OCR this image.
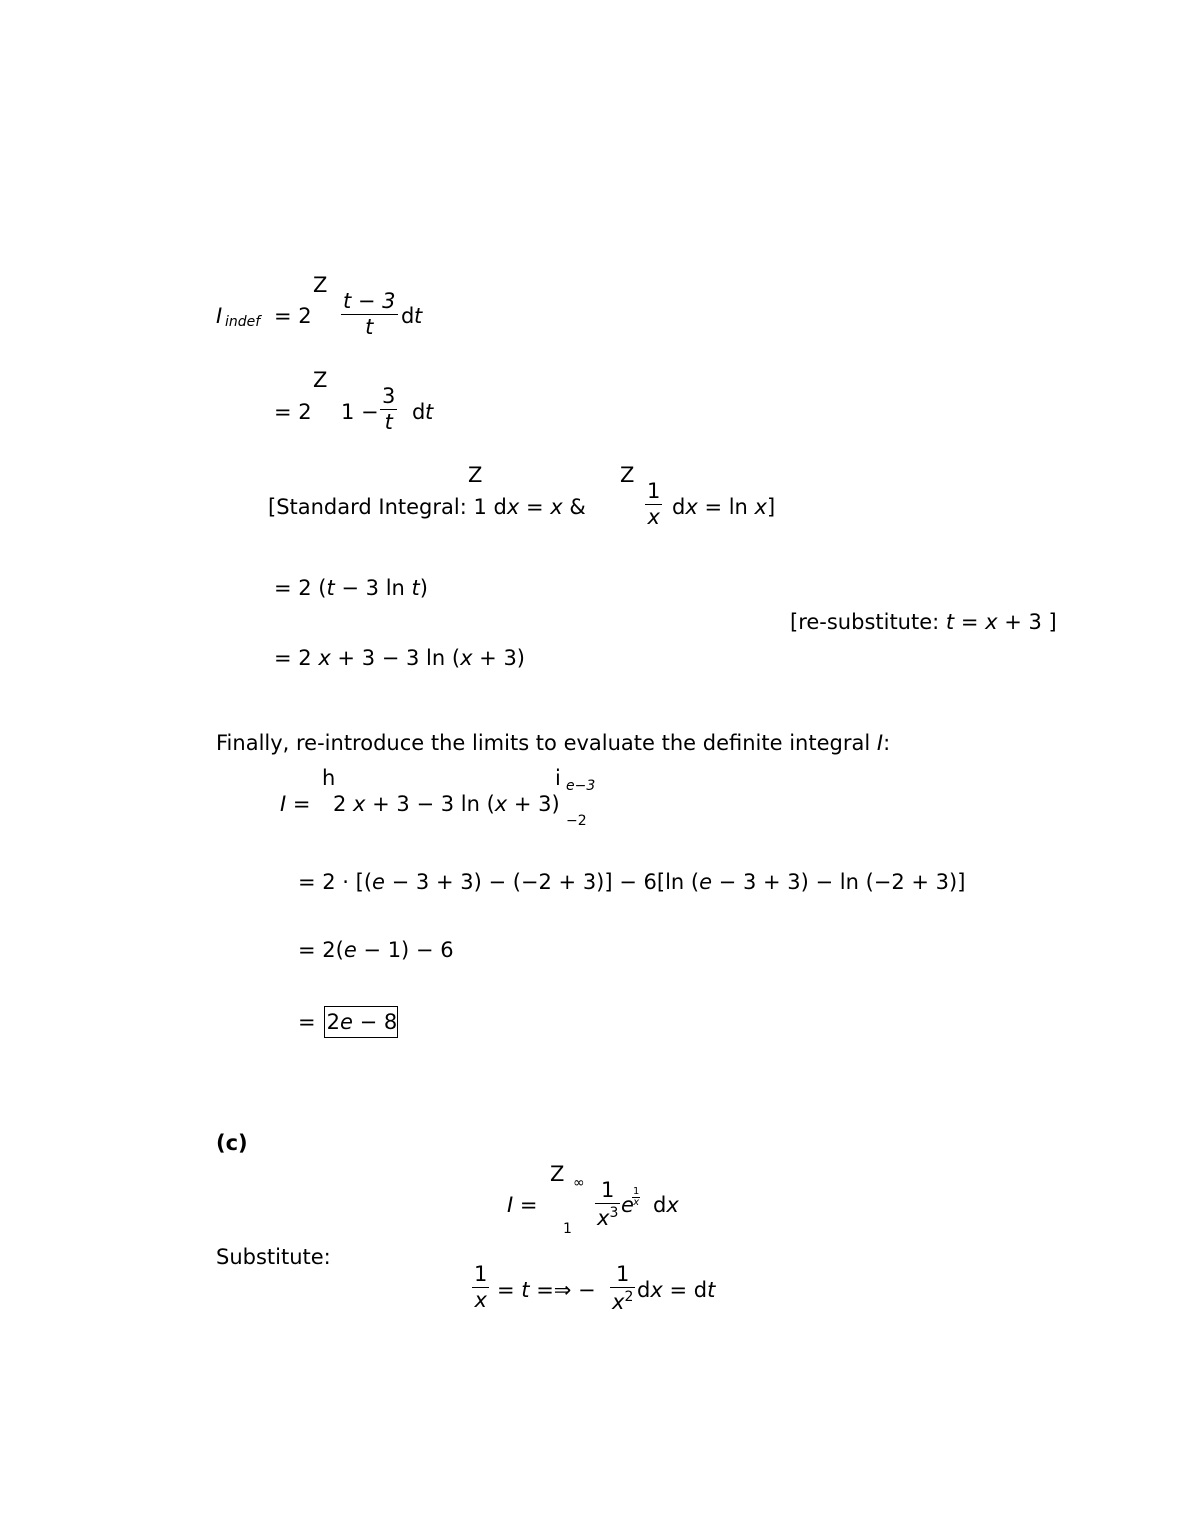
I indef = 2
Z
t − 3
t	d t
= 2
Z
1 −
3
t d t
Z	Z
[Standard Integral: 1 dx = x &
1
x dx = ln x]
= 2 (t − 3 ln t)
[re-substitute: t = x + 3 ]
= 2 x + 3 − 3 ln (x + 3)
Finally, re-introduce the limits to evaluate the definite integral I:
I =
h
2 x + 3 − 3 ln (x + 3)
i e−3
−2
= 2 · [(e − 3 + 3) − (−2 + 3)] − 6[ln (e − 3 + 3) − ln (−2 + 3)]
= 2(e − 1) − 6
= 2e − 8
(c)
I =
Z ∞
1
1
$x^3$ e
1
x dx
Substitute:
1
x = t =⇒ −
1
$x^2$ dx = dt
